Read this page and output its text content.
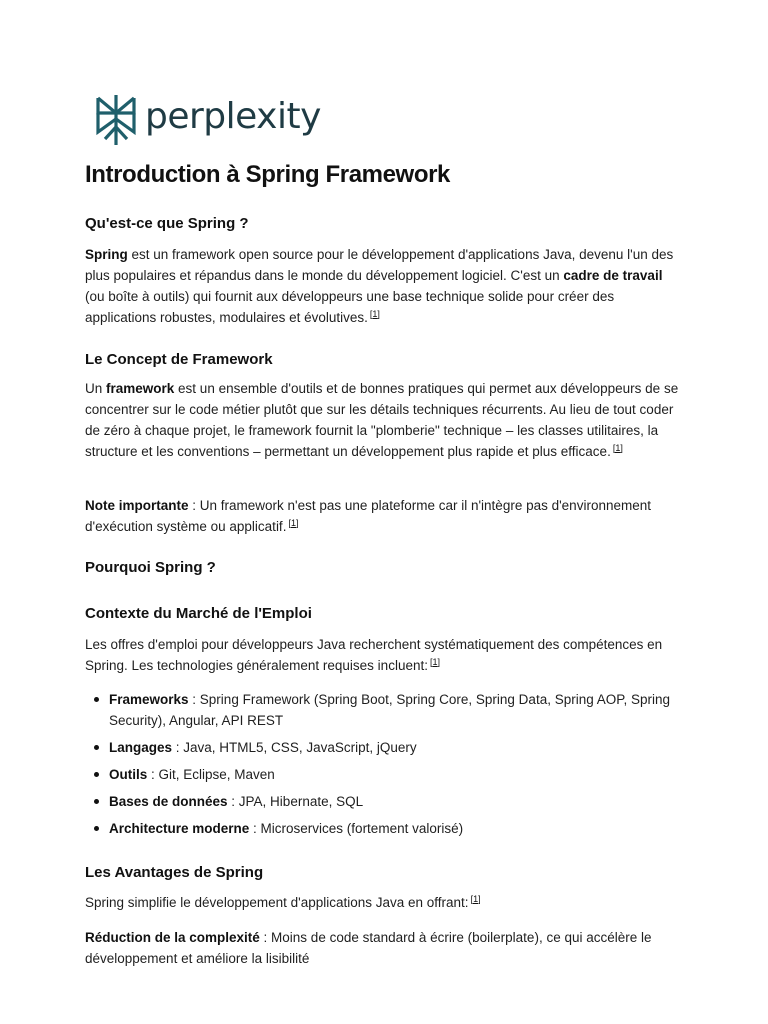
perplexity
Introduction à Spring Framework
Qu'est-ce que Spring ?

Spring est un framework open source pour le développement d'applications Java, devenu l'un des plus populaires et répandus dans le monde du développement logiciel. C'est un cadre de travail (ou boîte à outils) qui fournit aux développeurs une base technique solide pour créer des applications robustes, modulaires et évolutives. [1]

Le Concept de Framework

Un framework est un ensemble d'outils et de bonnes pratiques qui permet aux développeurs de se concentrer sur le code métier plutôt que sur les détails techniques récurrents. Au lieu de tout coder de zéro à chaque projet, le framework fournit la "plomberie" technique – les classes utilitaires, la structure et les conventions – permettant un développement plus rapide et plus efficace. [1]

Note importante : Un framework n'est pas une plateforme car il n'intègre pas d'environnement d'exécution système ou applicatif. [1]

Pourquoi Spring ?
Contexte du Marché de l'Emploi

Les offres d'emploi pour développeurs Java recherchent systématiquement des compétences en Spring. Les technologies généralement requises incluent: [1]

Frameworks : Spring Framework (Spring Boot, Spring Core, Spring Data, Spring AOP, Spring Security), Angular, API REST
Langages : Java, HTML5, CSS, JavaScript, jQuery
Outils : Git, Eclipse, Maven
Bases de données : JPA, Hibernate, SQL
Architecture moderne : Microservices (fortement valorisé)
Les Avantages de Spring

Spring simplifie le développement d'applications Java en offrant: [1]

Réduction de la complexité : Moins de code standard à écrire (boilerplate), ce qui accélère le développement et améliore la lisibilité
